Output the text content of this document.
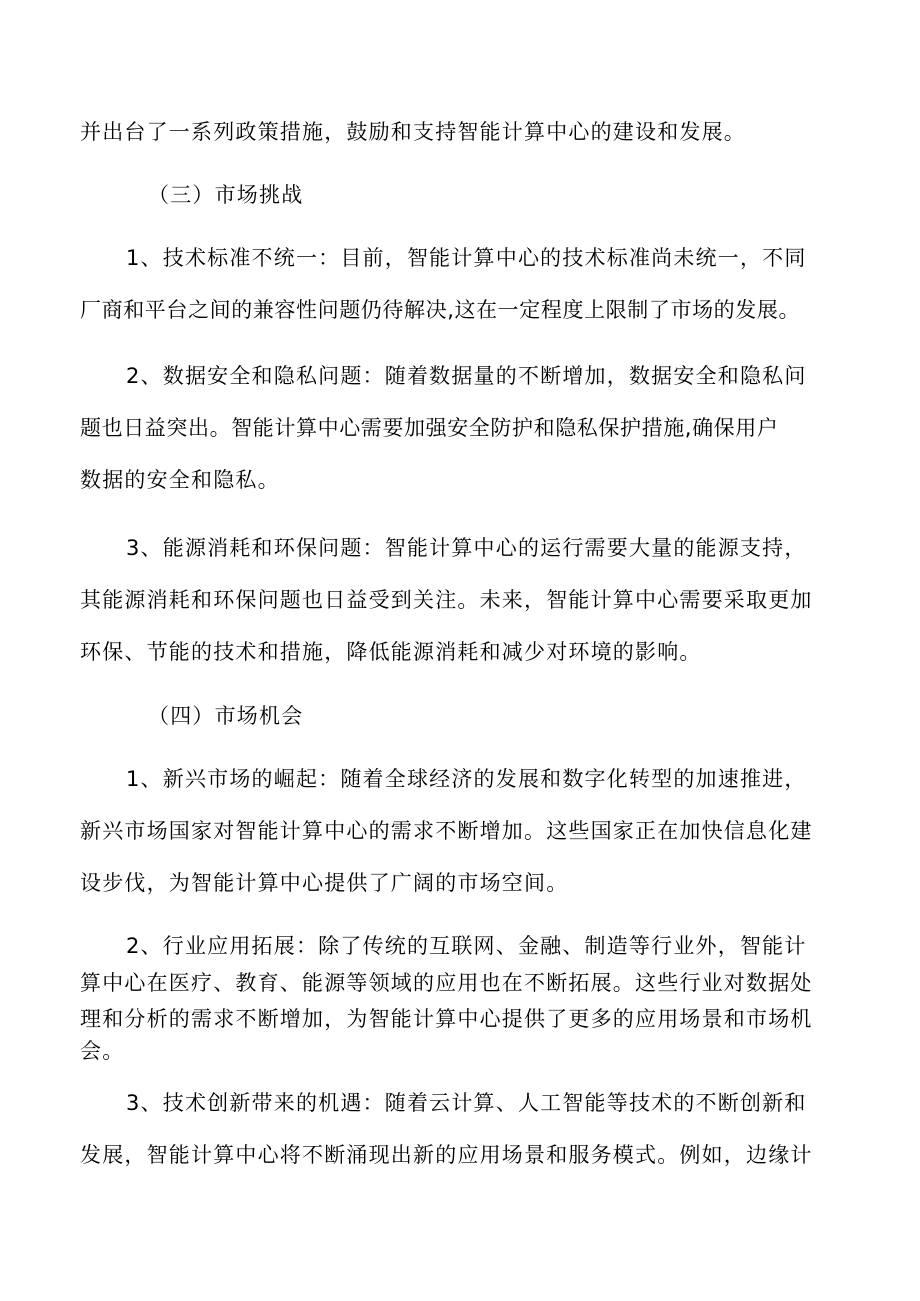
并出台了一系列政策措施，鼓励和支持智能计算中心的建设和发展。
（三）市场挑战
1、技术标准不统一：目前，智能计算中心的技术标准尚未统一，不同
厂商和平台之间的兼容性问题仍待解决,这在一定程度上限制了市场的发展。
2、数据安全和隐私问题：随着数据量的不断增加，数据安全和隐私问
题也日益突出。智能计算中心需要加强安全防护和隐私保护措施,确保用户
数据的安全和隐私。
3、能源消耗和环保问题：智能计算中心的运行需要大量的能源支持，
其能源消耗和环保问题也日益受到关注。未来，智能计算中心需要采取更加
环保、节能的技术和措施，降低能源消耗和减少对环境的影响。
（四）市场机会
1、新兴市场的崛起：随着全球经济的发展和数字化转型的加速推进，
新兴市场国家对智能计算中心的需求不断增加。这些国家正在加快信息化建
设步伐，为智能计算中心提供了广阔的市场空间。
2、行业应用拓展：除了传统的互联网、金融、制造等行业外，智能计
算中心在医疗、教育、能源等领域的应用也在不断拓展。这些行业对数据处
理和分析的需求不断增加，为智能计算中心提供了更多的应用场景和市场机
会。
3、技术创新带来的机遇：随着云计算、人工智能等技术的不断创新和
发展，智能计算中心将不断涌现出新的应用场景和服务模式。例如，边缘计
